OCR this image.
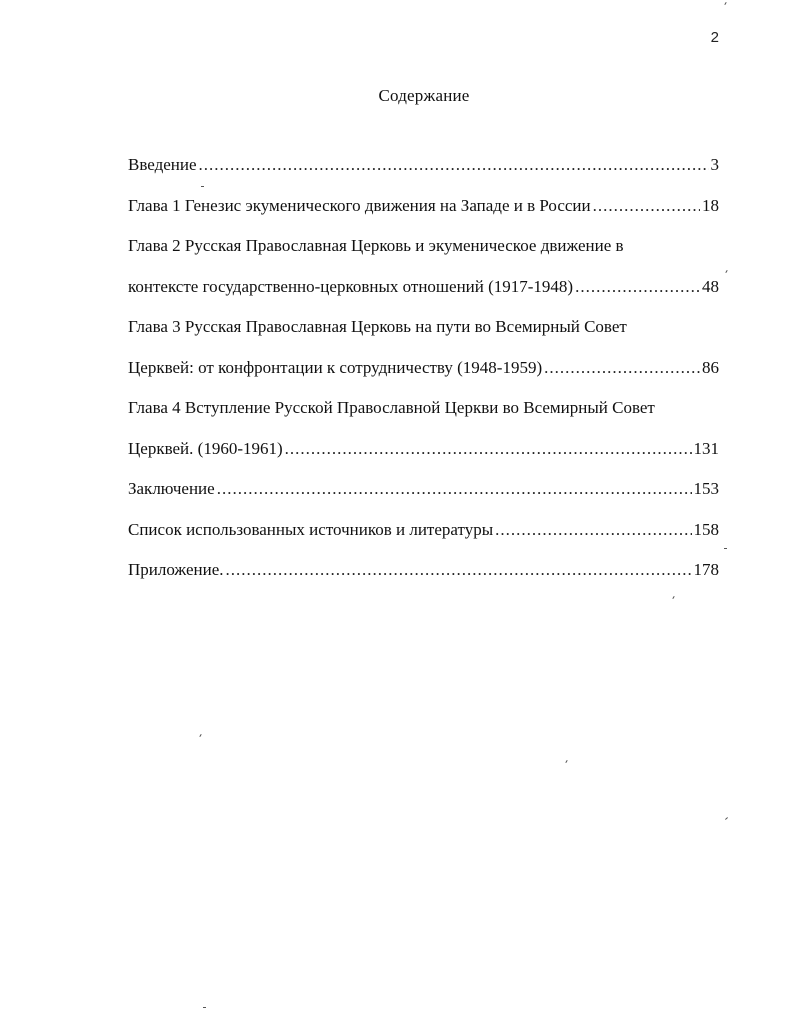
2
Содержание
Введение .....	3
Глава 1 Генезис экуменического движения на Западе и в России .....	18
Глава 2 Русская Православная Церковь и экуменическое движение в
контексте государственно-церковных отношений (1917-1948) .....	48
Глава 3 Русская Православная Церковь на пути во Всемирный Совет
Церквей: от конфронтации к сотрудничеству (1948-1959) .....	86
Глава 4 Вступление Русской Православной Церкви во Всемирный Совет
Церквей. (1960-1961) .....	131
Заключение .....	153
Список использованных источников и литературы .....	158
Приложение. .....	178
